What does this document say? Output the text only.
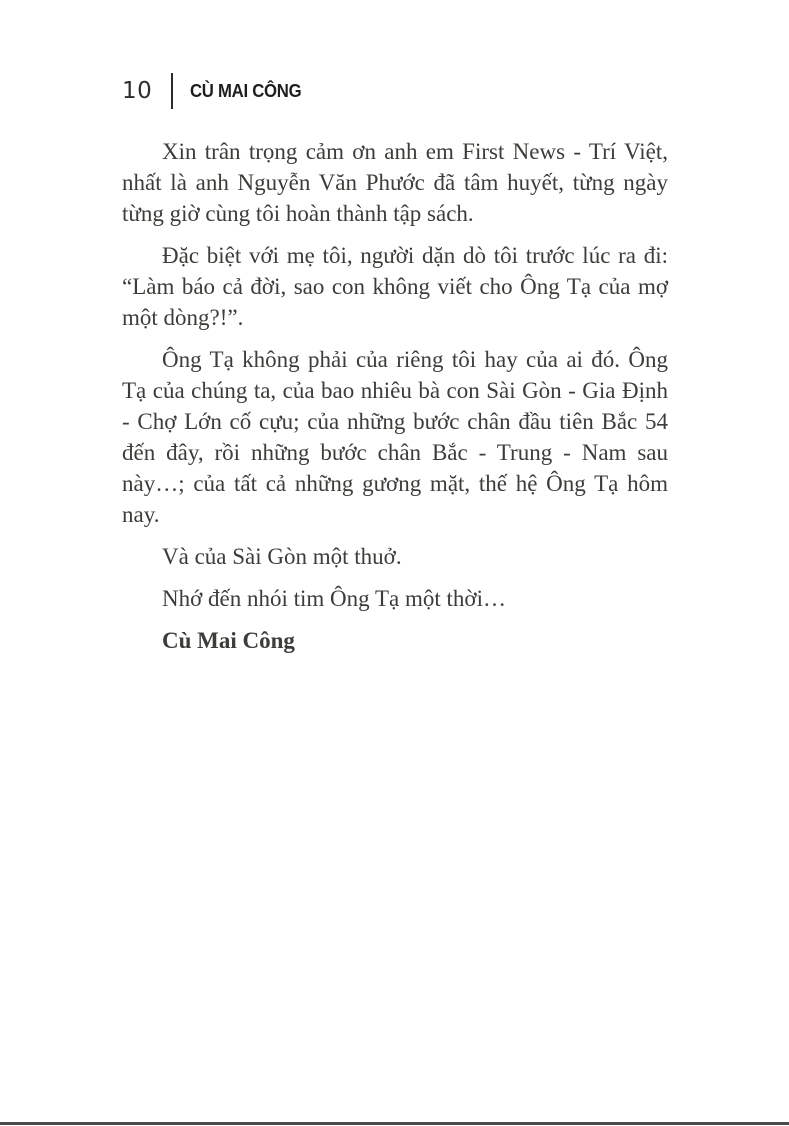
10 CÙ MAI CÔNG

Xin trân trọng cảm ơn anh em First News - Trí Việt, nhất là anh Nguyễn Văn Phước đã tâm huyết, từng ngày từng giờ cùng tôi hoàn thành tập sách.

Đặc biệt với mẹ tôi, người dặn dò tôi trước lúc ra đi: “Làm báo cả đời, sao con không viết cho Ông Tạ của mợ một dòng?!”.

Ông Tạ không phải của riêng tôi hay của ai đó. Ông Tạ của chúng ta, của bao nhiêu bà con Sài Gòn - Gia Định - Chợ Lớn cố cựu; của những bước chân đầu tiên Bắc 54 đến đây, rồi những bước chân Bắc - Trung - Nam sau này…; của tất cả những gương mặt, thế hệ Ông Tạ hôm nay.

Và của Sài Gòn một thuở.

Nhớ đến nhói tim Ông Tạ một thời…

Cù Mai Công
